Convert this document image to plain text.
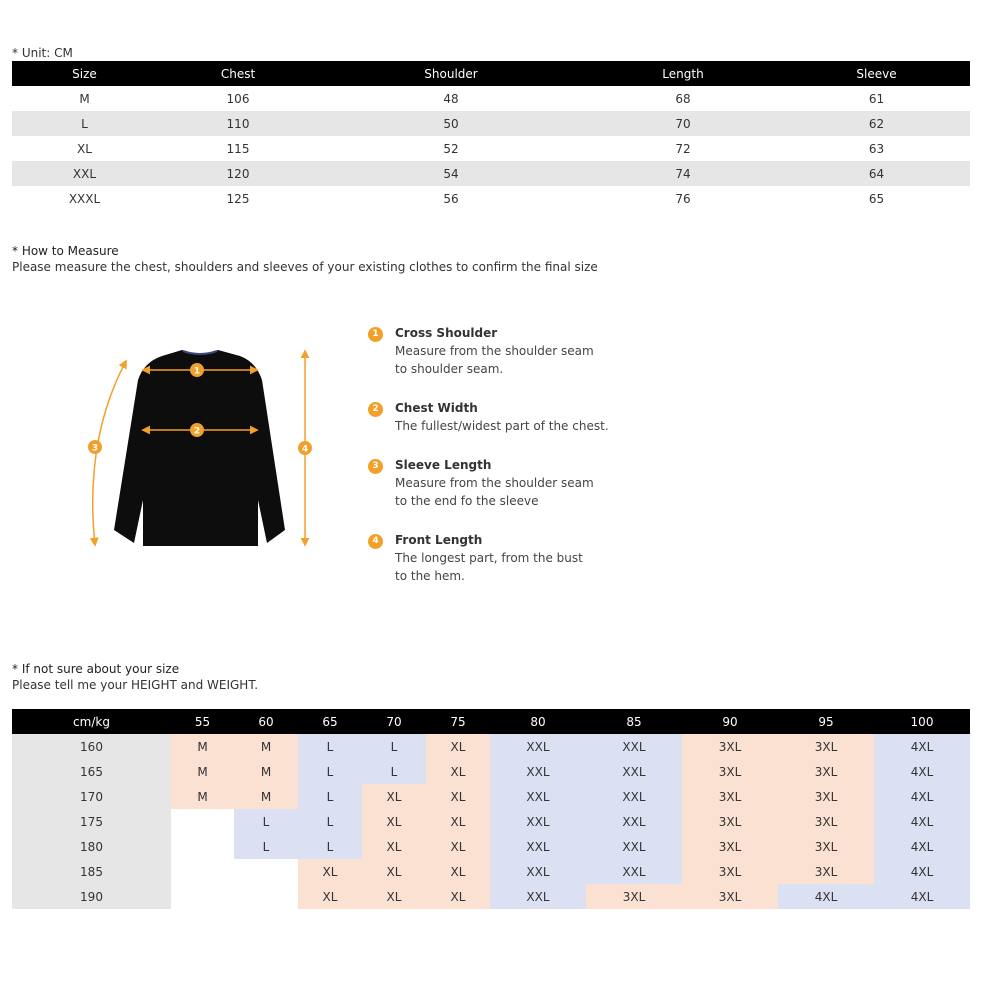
* Unit: CM
Size	Chest	Shoulder	Length	Sleeve
M	106	48	68	61
L	110	50	70	62
XL	115	52	72	63
XXL	120	54	74	64
XXXL	125	56	76	65
* How to Measure
Please measure the chest, shoulders and sleeves of your existing clothes to confirm the final size
1
2
3	4
1	Cross Shoulder
Measure from the shoulder seam to shoulder seam.
2	Chest Width
The fullest/widest part of the chest.
3	Sleeve Length
Measure from the shoulder seam to the end fo the sleeve
4	Front Length
The longest part, from the bust to the hem.
* If not sure about your size
Please tell me your HEIGHT and WEIGHT.
cm/kg	55	60	65	70	75	80	85	90	95	100
160	M	M	L	L	XL	XXL	XXL	3XL	3XL	4XL
165	M	M	L	L	XL	XXL	XXL	3XL	3XL	4XL
170	M	M	L	XL	XL	XXL	XXL	3XL	3XL	4XL
175		L	L	XL	XL	XXL	XXL	3XL	3XL	4XL
180		L	L	XL	XL	XXL	XXL	3XL	3XL	4XL
185			XL	XL	XL	XXL	XXL	3XL	3XL	4XL
190			XL	XL	XL	XXL	3XL	3XL	4XL	4XL
